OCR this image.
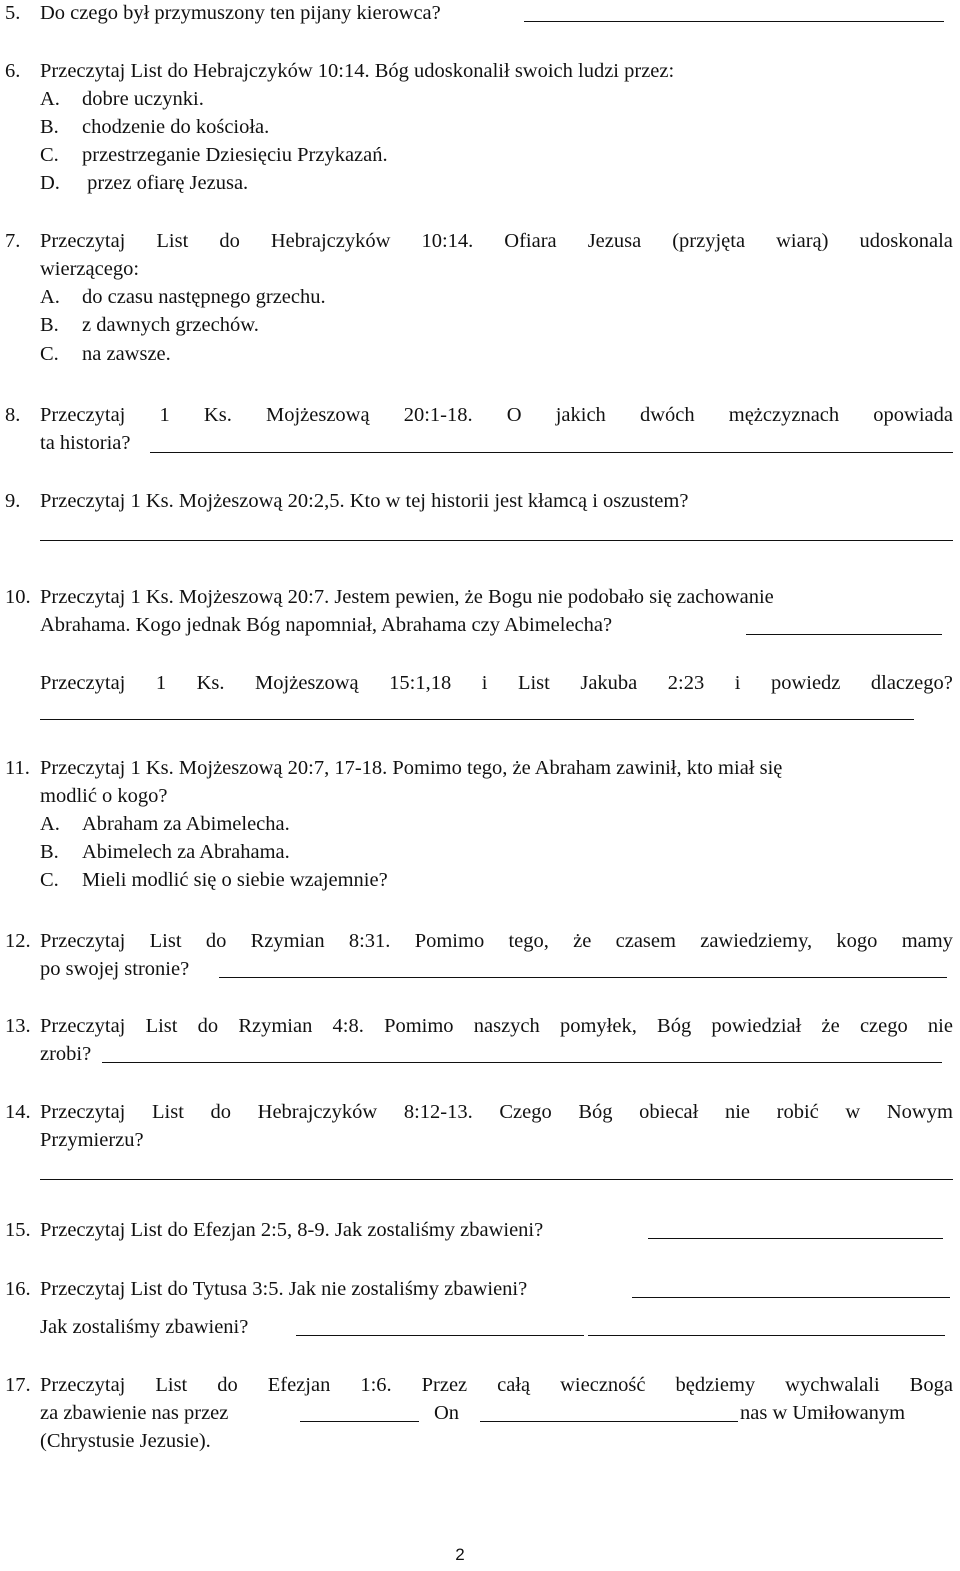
5. Do czego był przymuszony ten pijany kierowca?
6. Przeczytaj List do Hebrajczyków 10:14. Bóg udoskonalił swoich ludzi przez:
A. dobre uczynki.
B. chodzenie do kościoła.
C. przestrzeganie Dziesięciu Przykazań.
D. przez ofiarę Jezusa.
7. Przeczytaj List do Hebrajczyków 10:14. Ofiara Jezusa (przyjęta wiarą) udoskonala
wierzącego:
A. do czasu następnego grzechu.
B. z dawnych grzechów.
C. na zawsze.
8. Przeczytaj 1 Ks. Mojżeszową 20:1-18. O jakich dwóch mężczyznach opowiada
ta historia?
9. Przeczytaj 1 Ks. Mojżeszową 20:2,5. Kto w tej historii jest kłamcą i oszustem?
10. Przeczytaj 1 Ks. Mojżeszową 20:7. Jestem pewien, że Bogu nie podobało się zachowanie
Abrahama. Kogo jednak Bóg napomniał, Abrahama czy Abimelecha?
Przeczytaj 1 Ks. Mojżeszową 15:1,18 i List Jakuba 2:23 i powiedz dlaczego?
11. Przeczytaj 1 Ks. Mojżeszową 20:7, 17-18. Pomimo tego, że Abraham zawinił, kto miał się
modlić o kogo?
A. Abraham za Abimelecha.
B. Abimelech za Abrahama.
C. Mieli modlić się o siebie wzajemnie?
12. Przeczytaj List do Rzymian 8:31. Pomimo tego, że czasem zawiedziemy, kogo mamy
po swojej stronie?
13. Przeczytaj List do Rzymian 4:8. Pomimo naszych pomyłek, Bóg powiedział że czego nie
zrobi?
14. Przeczytaj List do Hebrajczyków 8:12-13. Czego Bóg obiecał nie robić w Nowym
Przymierzu?
15. Przeczytaj List do Efezjan 2:5, 8-9. Jak zostaliśmy zbawieni?
16. Przeczytaj List do Tytusa 3:5. Jak nie zostaliśmy zbawieni?
Jak zostaliśmy zbawieni?
17. Przeczytaj List do Efezjan 1:6. Przez całą wieczność będziemy wychwalali Boga
za zbawienie nas przez	On	nas w Umiłowanym
(Chrystusie Jezusie).
2
